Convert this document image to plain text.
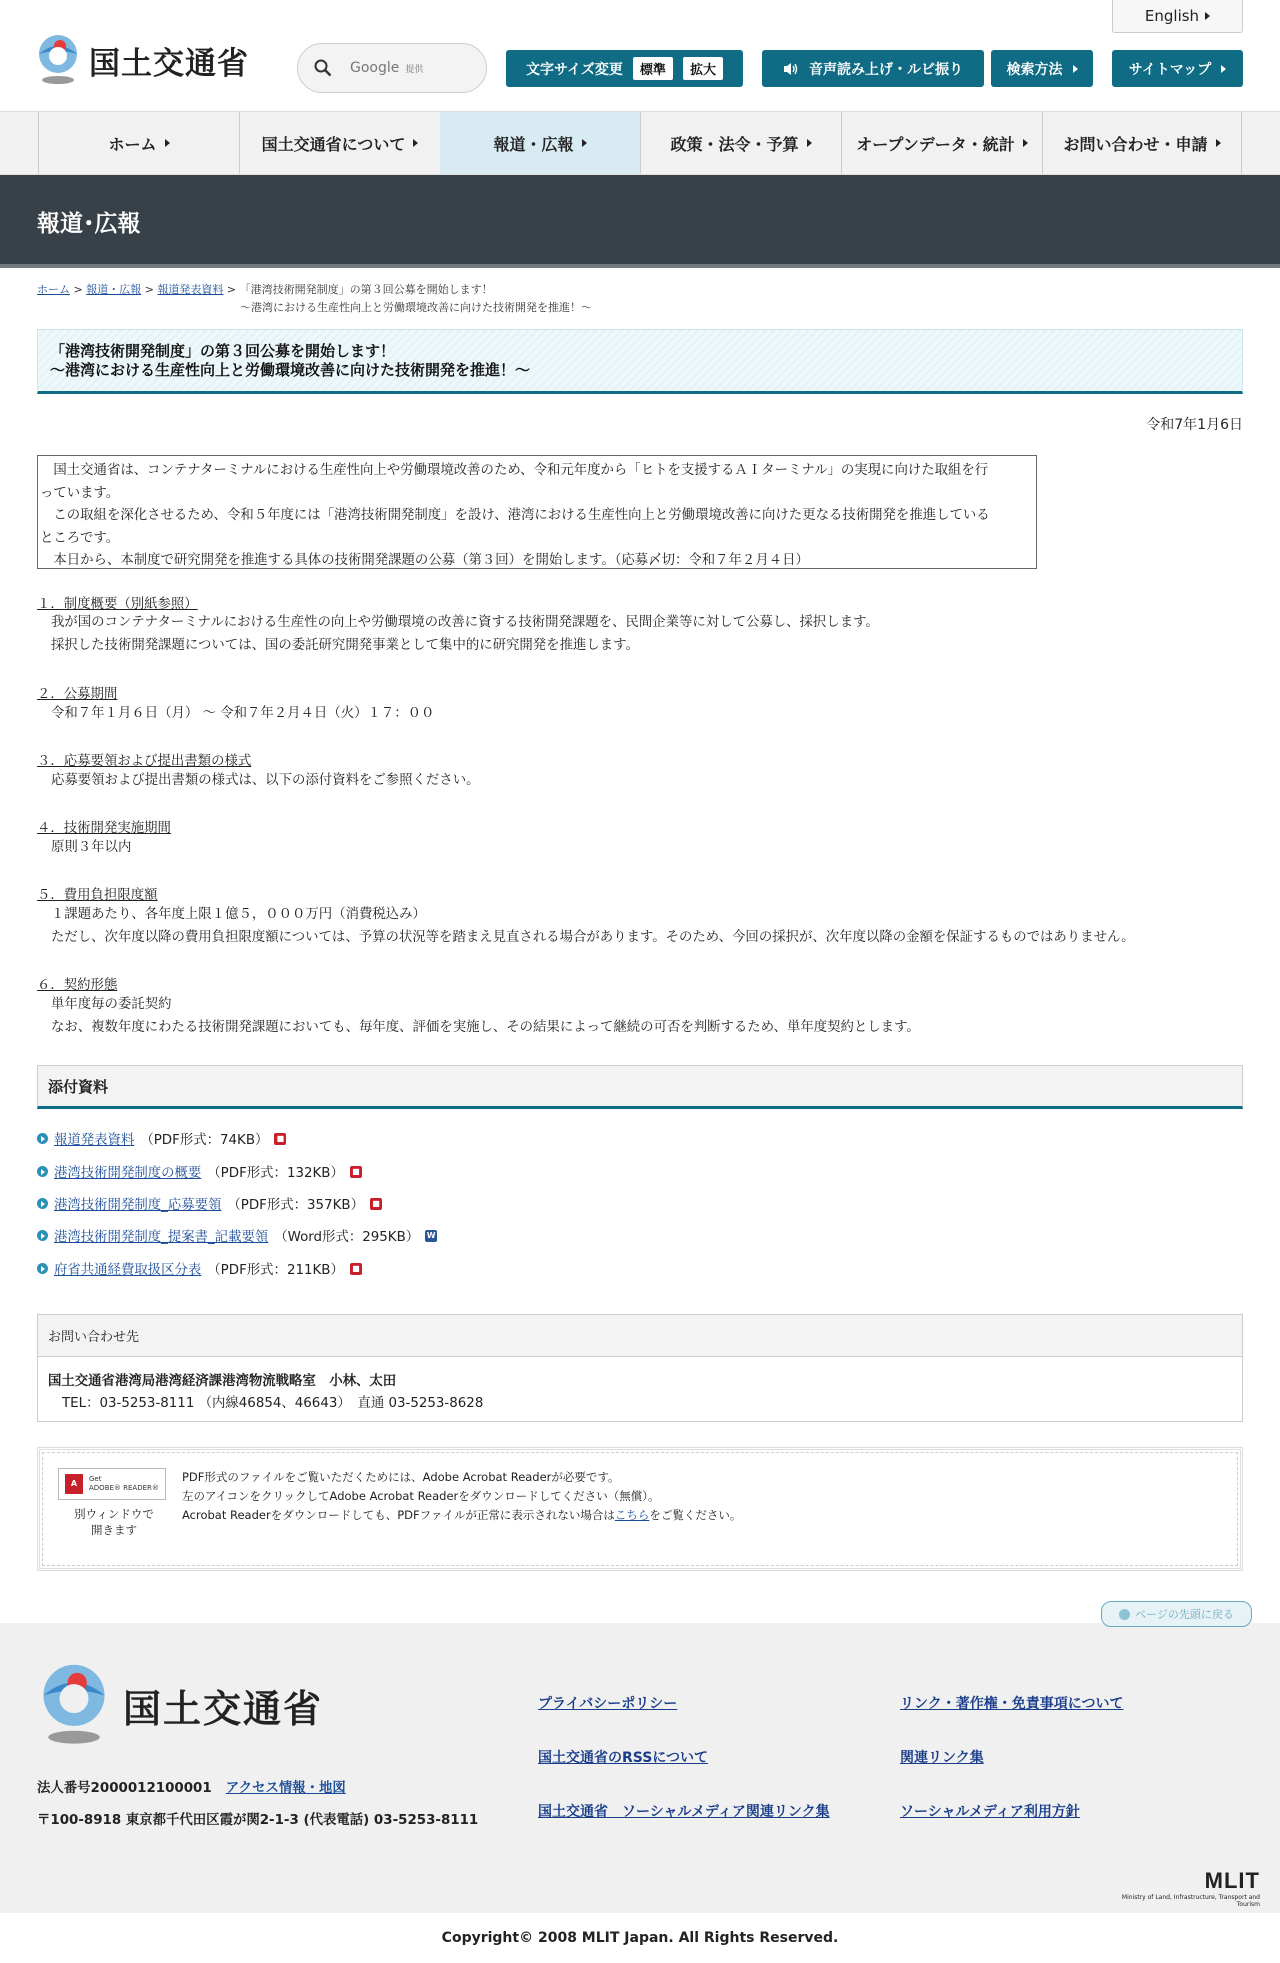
English
国土交通省	Google 提供	文字サイズ変更	標準	拡大	音声読み上げ・ルビ振り	検索方法	サイトマップ
ホーム	国土交通省について	報道・広報	政策・法令・予算	オープンデータ・統計	お問い合わせ・申請
報道･広報
ホーム > 報道・広報 > 報道発表資料 > 「港湾技術開発制度」の第３回公募を開始します！
～港湾における生産性向上と労働環境改善に向けた技術開発を推進！～
「港湾技術開発制度」の第３回公募を開始します！
～港湾における生産性向上と労働環境改善に向けた技術開発を推進！～
令和7年1月6日
　国土交通省は、コンテナターミナルにおける生産性向上や労働環境改善のため、令和元年度から「ヒトを支援するＡＩターミナル」の実現に向けた取組を行
っています。
　この取組を深化させるため、令和５年度には「港湾技術開発制度」を設け、港湾における生産性向上と労働環境改善に向けた更なる技術開発を推進している
ところです。
　本日から、本制度で研究開発を推進する具体の技術開発課題の公募（第３回）を開始します。（応募〆切：令和７年２月４日）
１．制度概要（別紙参照）
我が国のコンテナターミナルにおける生産性の向上や労働環境の改善に資する技術開発課題を、民間企業等に対して公募し、採択します。
採択した技術開発課題については、国の委託研究開発事業として集中的に研究開発を推進します。
２．公募期間
令和７年１月６日（月） ～ 令和７年２月４日（火）１７：００
３．応募要領および提出書類の様式
応募要領および提出書類の様式は、以下の添付資料をご参照ください。
４．技術開発実施期間
原則３年以内
５．費用負担限度額
１課題あたり、各年度上限１億５，０００万円（消費税込み）
ただし、次年度以降の費用負担限度額については、予算の状況等を踏まえ見直される場合があります。そのため、今回の採択が、次年度以降の金額を保証するものではありません。
６．契約形態
単年度毎の委託契約
なお、複数年度にわたる技術開発課題においても、毎年度、評価を実施し、その結果によって継続の可否を判断するため、単年度契約とします。
添付資料
報道発表資料 （PDF形式：74KB） ■
港湾技術開発制度の概要 （PDF形式：132KB） ■
港湾技術開発制度_応募要領 （PDF形式：357KB） ■
港湾技術開発制度_提案書_記載要領 （Word形式：295KB） W
府省共通経費取扱区分表 （PDF形式：211KB） ■
お問い合わせ先
国土交通省港湾局港湾経済課港湾物流戦略室　小林、太田
TEL：03-5253-8111 （内線46854、46643）　直通 03-5253-8628
A	Get
ADOBE® READER®
別ウィンドウで
開きます
PDF形式のファイルをご覧いただくためには、Adobe Acrobat Readerが必要です。
左のアイコンをクリックしてAdobe Acrobat Readerをダウンロードしてください（無償）。
Acrobat Readerをダウンロードしても、PDFファイルが正常に表示されない場合はこちらをご覧ください。
国土交通省
法人番号2000012100001 アクセス情報・地図
〒100-8918 東京都千代田区霞が関2-1-3 (代表電話) 03-5253-8111
プライバシーポリシー	リンク・著作権・免責事項について
国土交通省のRSSについて	関連リンク集
国土交通省　ソーシャルメディア関連リンク集	ソーシャルメディア利用方針
MLIT
Ministry of Land, Infrastructure, Transport and Tourism
ページの先頭に戻る
Copyright© 2008 MLIT Japan. All Rights Reserved.
